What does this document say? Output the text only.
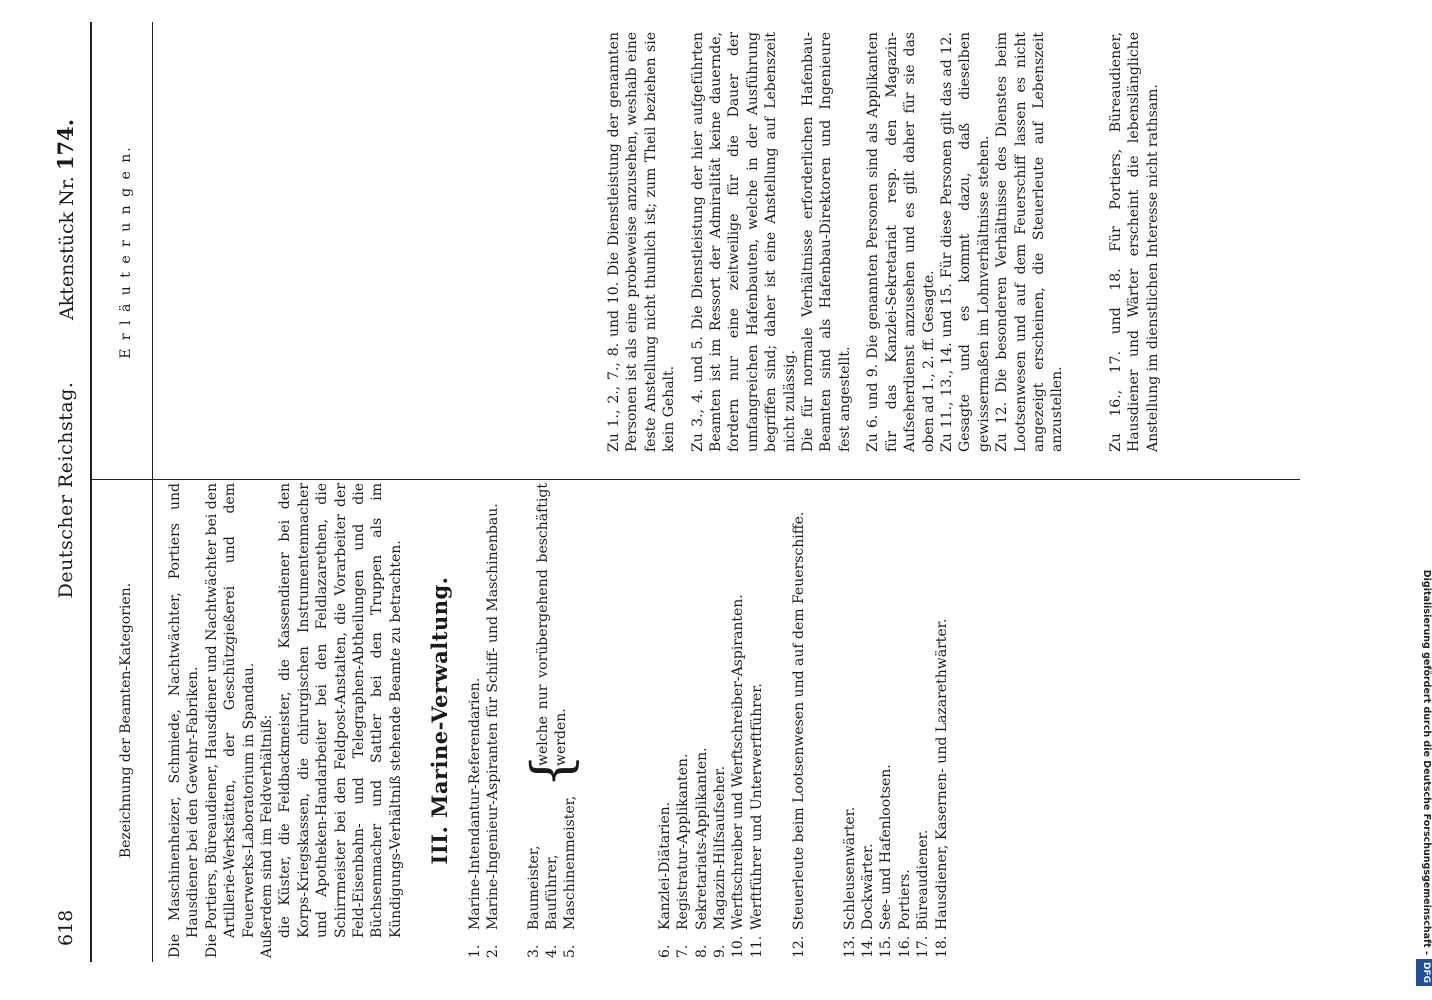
618
Deutscher Reichstag.
Aktenstück Nr. 174.
Bezeichnung der Beamten-Kategorien.
E r l ä u t e r u n g e n.

Die Maschinenheizer, Schmiede, Nachtwächter, Portiers und Hausdiener bei den Gewehr-Fabriken. Die Portiers, Büreaudiener, Hausdiener und Nachtwächter bei den Artillerie-Werkstätten, der Geschützgießerei und dem Feuerwerks-Laboratorium in Spandau. Außerdem sind im Feldverhältniß: die Küster, die Feldbackmeister, die Kassendiener bei den Korps-Kriegskassen, die chirurgischen Instrumentenmacher und Apotheken-Handarbeiter bei den Feldlazarethen, die Schirrmeister bei den Feldpost-Anstalten, die Vorarbeiter der Feld-Eisenbahn- und Telegraphen-Abtheilungen und die Büchsenmacher und Sattler bei den Truppen als im Kündigungs-Verhältniß stehende Beamte zu betrachten. III. Marine-Verwaltung.
1.
Marine-Intendantur-Referendarien.
2.
Marine-Ingenieur-Aspiranten für Schiff- und Maschinenbau.
3.
Baumeister,
4.
Bauführer,
5.
Maschinenmeister,
{
welche nur vorübergehend beschäftigt werden.
6.
Kanzlei-Diätarien.
7.
Registratur-Applikanten.
8.
Sekretariats-Applikanten.
9.
Magazin-Hilfsaufseher.
10.
Werftschreiber und Werftschreiber-Aspiranten.
11.
Werftführer und Unterwerftführer.
12.
Steuerleute beim Lootsenwesen und auf dem Feuerschiffe.
13.
Schleusenwärter.
14.
Dockwärter.
15.
See- und Hafenlootsen.
16.
Portiers.
17.
Büreaudiener.
18.
Hausdiener, Kasernen- und Lazarethwärter.

Zu 1., 2., 7., 8. und 10. Die Dienstleistung der genannten Personen ist als eine probeweise anzusehen, weshalb eine feste Anstellung nicht thunlich ist; zum Theil beziehen sie kein Gehalt. Zu 3., 4. und 5. Die Dienstleistung der hier aufgeführten Beamten ist im Ressort der Admiralität keine dauernde, fordern nur eine zeitweilige für die Dauer der umfangreichen Hafenbauten, welche in der Ausführung begriffen sind; daher ist eine Anstellung auf Lebenszeit nicht zulässig. Die für normale Verhältnisse erforderlichen Hafenbau-Beamten sind als Hafenbau-Direktoren und Ingenieure fest angestellt. Zu 6. und 9. Die genannten Personen sind als Applikanten für das Kanzlei-Sekretariat resp. den Magazin-Aufseherdienst anzusehen und es gilt daher für sie das oben ad 1., 2. ff. Gesagte. Zu 11., 13., 14. und 15. Für diese Personen gilt das ad 12. Gesagte und es kommt dazu, daß dieselben gewissermaßen im Lohnverhältnisse stehen. Zu 12. Die besonderen Verhältnisse des Dienstes beim Lootsenwesen und auf dem Feuerschiff lassen es nicht angezeigt erscheinen, die Steuerleute auf Lebenszeit anzustellen.	Zu 16., 17. und 18. Für Portiers, Büreaudiener, Hausdiener und Wärter erscheint die lebenslängliche Anstellung im dienstlichen Interesse nicht rathsam.

Digitalisierung gefördert durch die Deutsche Forschungsgemeinschaft -DFG
